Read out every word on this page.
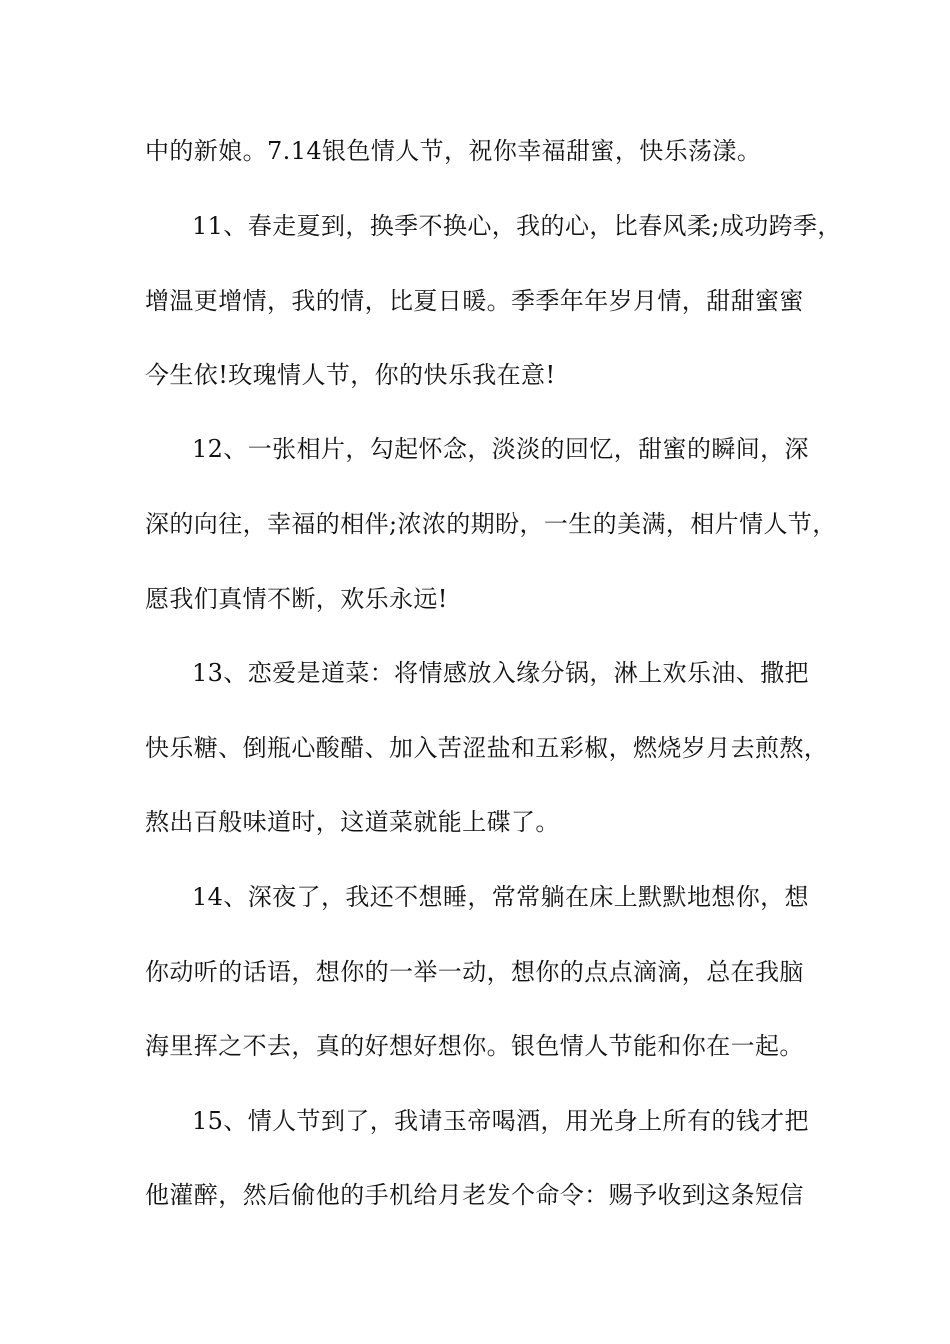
中的新娘。7.14银色情人节，祝你幸福甜蜜，快乐荡漾。
11、春走夏到，换季不换心，我的心，比春风柔;成功跨季，
增温更增情，我的情，比夏日暖。季季年年岁月情，甜甜蜜蜜
今生依!玫瑰情人节，你的快乐我在意!
12、一张相片，勾起怀念，淡淡的回忆，甜蜜的瞬间，深
深的向往，幸福的相伴;浓浓的期盼，一生的美满，相片情人节，
愿我们真情不断，欢乐永远!
13、恋爱是道菜：将情感放入缘分锅，淋上欢乐油、撒把
快乐糖、倒瓶心酸醋、加入苦涩盐和五彩椒，燃烧岁月去煎熬，
熬出百般味道时，这道菜就能上碟了。
14、深夜了，我还不想睡，常常躺在床上默默地想你，想
你动听的话语，想你的一举一动，想你的点点滴滴，总在我脑
海里挥之不去，真的好想好想你。银色情人节能和你在一起。
15、情人节到了，我请玉帝喝酒，用光身上所有的钱才把
他灌醉，然后偷他的手机给月老发个命令：赐予收到这条短信
